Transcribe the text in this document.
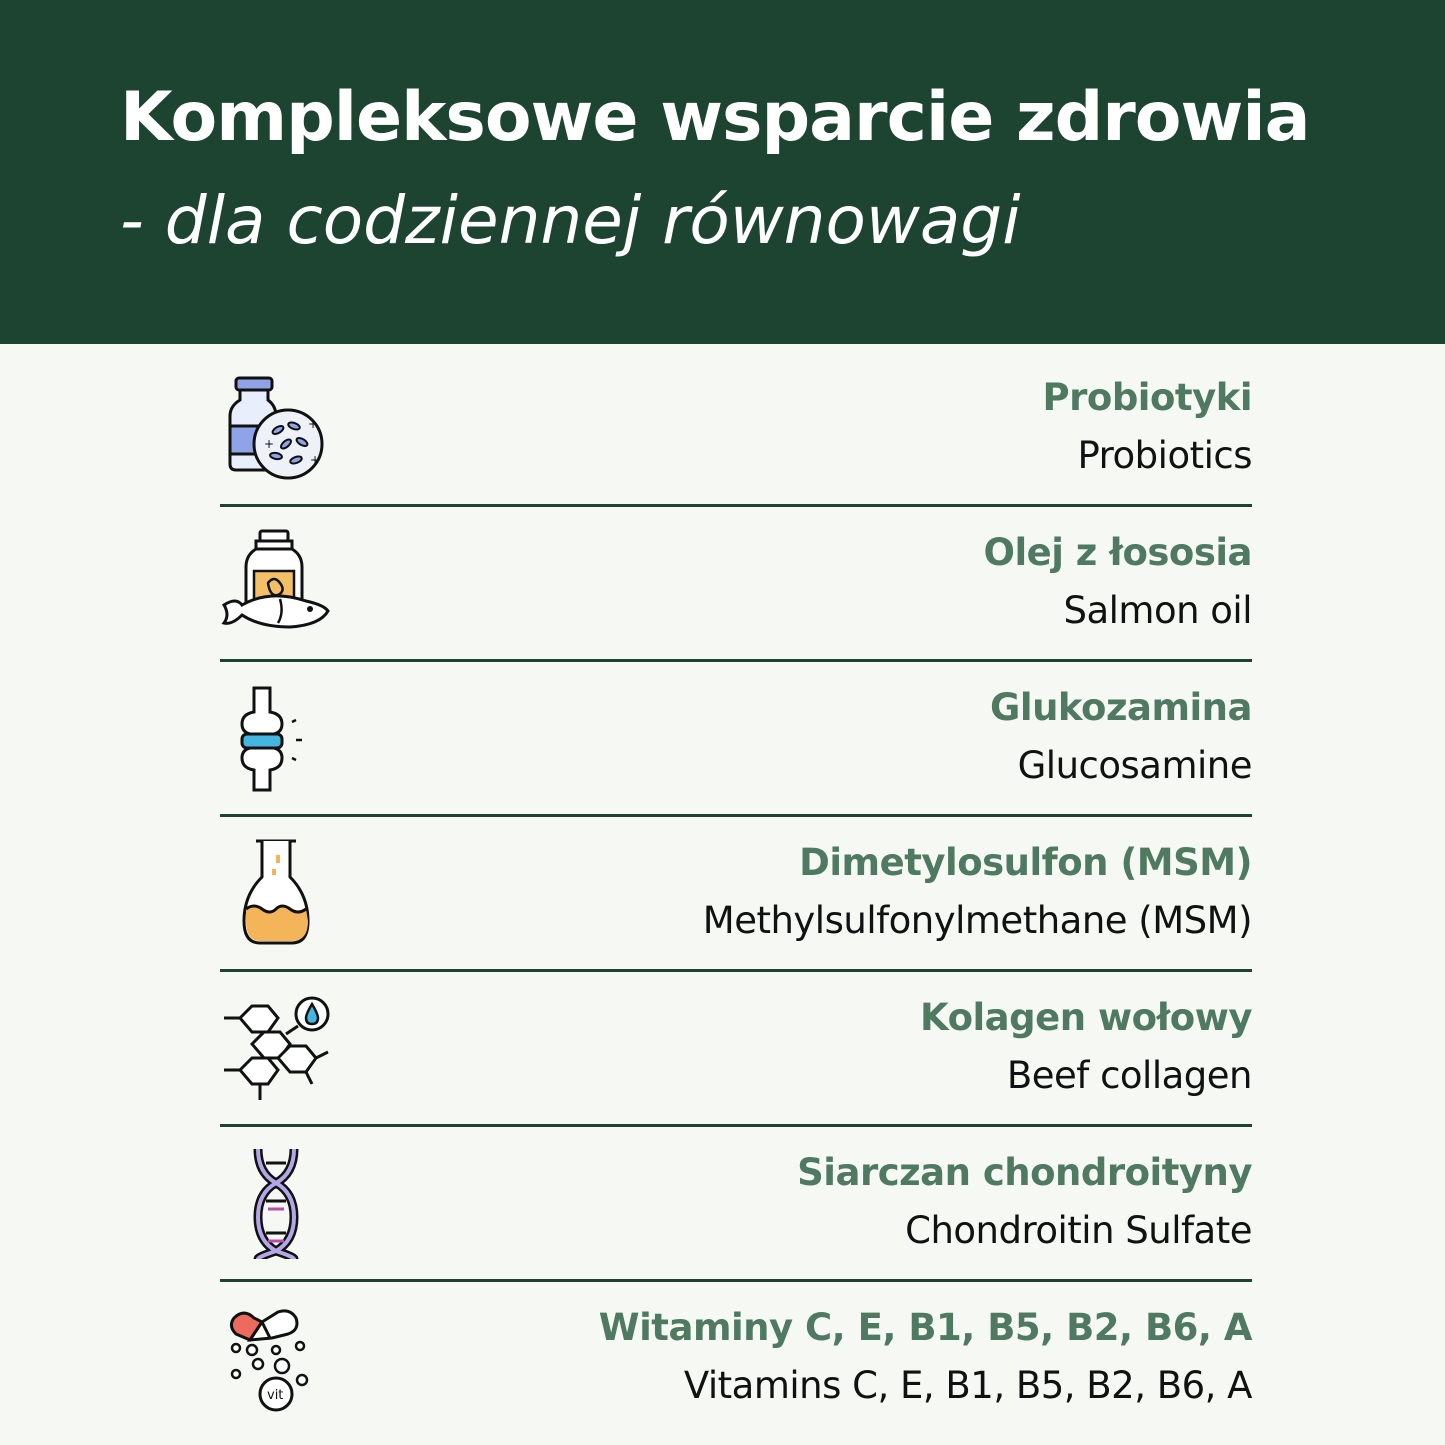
Kompleksowe wsparcie zdrowia
- dla codziennej równowagi
+
+
+
Probiotyki
Probiotics
Olej z łososia
Salmon oil
Glukozamina
Glucosamine
Dimetylosulfon (MSM)
Methylsulfonylmethane (MSM)
Kolagen wołowy
Beef collagen
Siarczan chondroityny
Chondroitin Sulfate
vit
Witaminy C, E, B1, B5, B2, B6, A
Vitamins C, E, B1, B5, B2, B6, A
